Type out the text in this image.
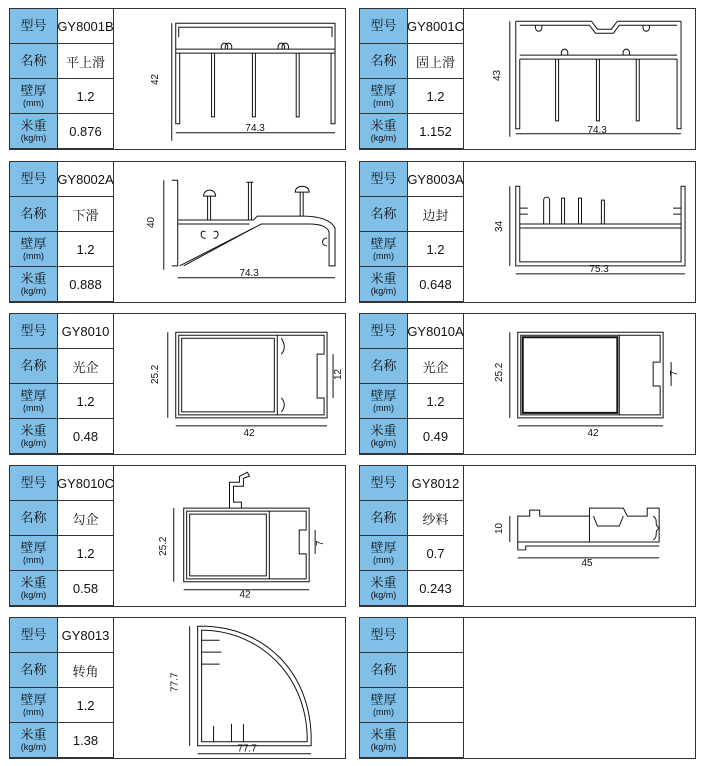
型号 GY8001B
名称	平上滑
壁厚
(mm)	1.2
米重
(kg/m)	0.876
42
74.3
型号 GY8001C
名称	固上滑
壁厚
(mm)	1.2
米重
(kg/m)	1.152
43
74.3
型号 GY8002A
名称	下滑
壁厚
(mm)	1.2
米重
(kg/m)	0.888
40
74.3
型号 GY8003A
名称	边封
壁厚
(mm)	1.2
米重
(kg/m)	0.648
34
75.3
型号 GY8010
名称	光企
壁厚
(mm)	1.2
米重
(kg/m)	0.48
25.2	12
42
型号 GY8010A
名称	光企
壁厚
(mm)	1.2
米重
(kg/m)	0.49
25.2	7
42
型号 GY8010C
名称	勾企
壁厚
(mm)	1.2
米重
(kg/m)	0.58
25.2	7
42
型号 GY8012
名称	纱料
壁厚
(mm)	0.7
米重
(kg/m)	0.243
10
45
型号 GY8013
名称	转角
壁厚
(mm)	1.2
米重
(kg/m)	1.38
77.7
77.7
型号
名称
壁厚
(mm)
米重
(kg/m)
